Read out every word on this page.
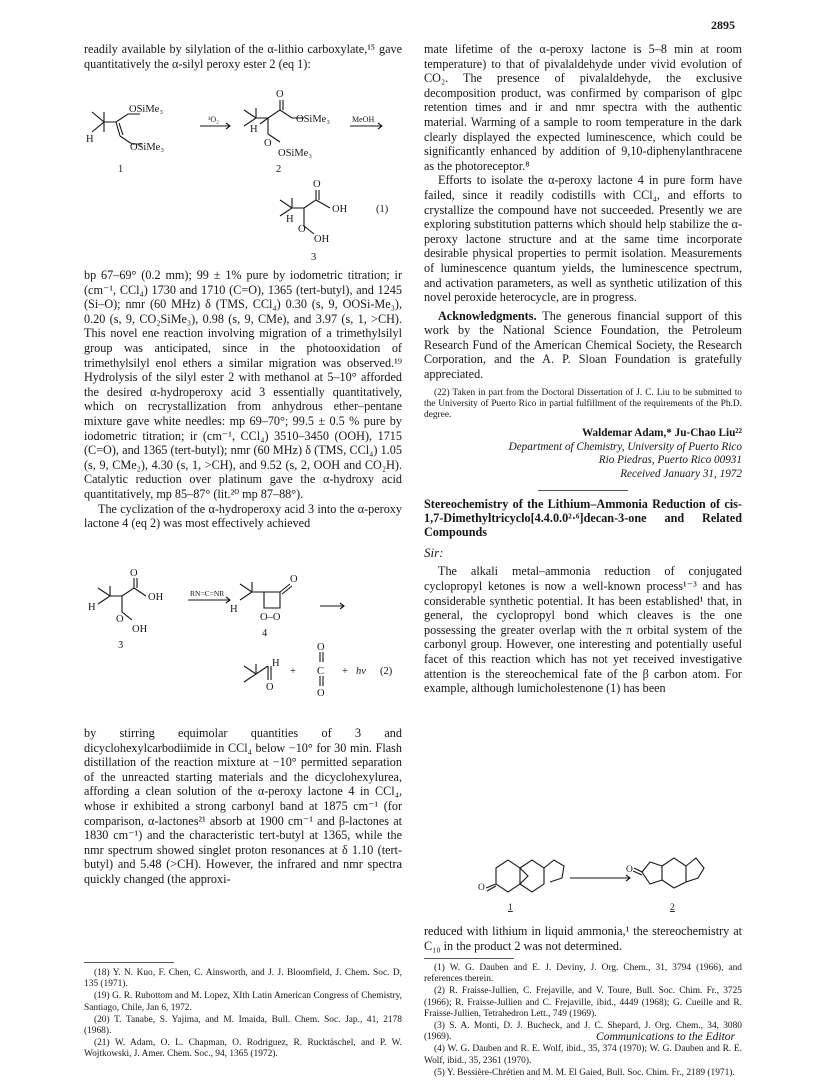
2895

readily available by silylation of the α-lithio carboxylate,¹⁵ gave quantitatively the α-silyl peroxy ester 2 (eq 1):

OSiMe₃
H
OSiMe₃
1
¹O₂
O
OSiMe₃
H
O
OSiMe₃
2
MeOH
O
OH
H
O
OH
3
(1)

bp 67–69° (0.2 mm); 99 ± 1% pure by iodometric titration; ir (cm⁻¹, CCl₄) 1730 and 1710 (C=O), 1365 (tert-butyl), and 1245 (Si–O); nmr (60 MHz) δ (TMS, CCl₄) 0.30 (s, 9, OOSi-Me₃), 0.20 (s, 9, CO₂SiMe₃), 0.98 (s, 9, CMe), and 3.97 (s, 1, >CH). This novel ene reaction involving migration of a trimethylsilyl group was anticipated, since in the photooxidation of trimethylsilyl enol ethers a similar migration was observed.¹⁹ Hydrolysis of the silyl ester 2 with methanol at 5–10° afforded the desired α-hydroperoxy acid 3 essentially quantitatively, which on recrystallization from anhydrous ether–pentane mixture gave white needles: mp 69–70°; 99.5 ± 0.5 % pure by iodometric titration; ir (cm⁻¹, CCl₄) 3510–3450 (OOH), 1715 (C=O), and 1365 (tert-butyl); nmr (60 MHz) δ (TMS, CCl₄) 1.05 (s, 9, CMe₂), 4.30 (s, 1, >CH), and 9.52 (s, 2, OOH and CO₂H). Catalytic reduction over platinum gave the α-hydroxy acid quantitatively, mp 85–87° (lit.²⁰ mp 87–88°).

The cyclization of the α-hydroperoxy acid 3 into the α-peroxy lactone 4 (eq 2) was most effectively achieved

O
OH
H
O
OH
3
RN=C=NR
O
H
O–O
4
H
O
+
O
C
O
+ hν (2)

by stirring equimolar quantities of 3 and dicyclohexylcarbodiimide in CCl₄ below −10° for 30 min. Flash distillation of the reaction mixture at −10° permitted separation of the unreacted starting materials and the dicyclohexylurea, affording a clean solution of the α-peroxy lactone 4 in CCl₄, whose ir exhibited a strong carbonyl band at 1875 cm⁻¹ (for comparison, α-lactones²¹ absorb at 1900 cm⁻¹ and β-lactones at 1830 cm⁻¹) and the characteristic tert-butyl at 1365, while the nmr spectrum showed singlet proton resonances at δ 1.10 (tert-butyl) and 5.48 (>CH). However, the infrared and nmr spectra quickly changed (the approxi-

(18) Y. N. Kuo, F. Chen, C. Ainsworth, and J. J. Bloomfield, J. Chem. Soc. D, 135 (1971).

(19) G. R. Rubottom and M. Lopez, XIth Latin American Congress of Chemistry, Santiago, Chile, Jan 6, 1972.

(20) T. Tanabe, S. Yajima, and M. Imaida, Bull. Chem. Soc. Jap., 41, 2178 (1968).

(21) W. Adam, O. L. Chapman, O. Rodriguez, R. Rucktäschel, and P. W. Wojtkowski, J. Amer. Chem. Soc., 94, 1365 (1972).

mate lifetime of the α-peroxy lactone is 5–8 min at room temperature) to that of pivalaldehyde under vivid evolution of CO₂. The presence of pivalaldehyde, the exclusive decomposition product, was confirmed by comparison of glpc retention times and ir and nmr spectra with the authentic material. Warming of a sample to room temperature in the dark clearly displayed the expected luminescence, which could be significantly enhanced by addition of 9,10-diphenylanthracene as the photoreceptor.⁸

Efforts to isolate the α-peroxy lactone 4 in pure form have failed, since it readily codistills with CCl₄, and efforts to crystallize the compound have not succeeded. Presently we are exploring substitution patterns which should help stabilize the α-peroxy lactone structure and at the same time incorporate desirable physical properties to permit isolation. Measurements of luminescence quantum yields, the luminescence spectrum, and activation parameters, as well as synthetic utilization of this novel peroxide heterocycle, are in progress.

Acknowledgments. The generous financial support of this work by the National Science Foundation, the Petroleum Research Fund of the American Chemical Society, the Research Corporation, and the A. P. Sloan Foundation is gratefully appreciated.

(22) Taken in part from the Doctoral Dissertation of J. C. Liu to be submitted to the University of Puerto Rico in partial fulfillment of the requirements of the Ph.D. degree.

Waldemar Adam,* Ju-Chao Liu²²
Department of Chemistry, University of Puerto Rico
Rio Piedras, Puerto Rico 00931
Received January 31, 1972
Stereochemistry of the Lithium–Ammonia Reduction of cis-1,7-Dimethyltricyclo[4.4.0.0²·⁶]decan-3-one and Related Compounds
Sir:

The alkali metal–ammonia reduction of conjugated cyclopropyl ketones is now a well-known process¹⁻³ and has considerable synthetic potential. It has been established¹ that, in general, the cyclopropyl bond which cleaves is the one possessing the greater overlap with the π orbital system of the carbonyl group. However, one interesting and potentially useful facet of this reaction which has not yet received investigative attention is the stereochemical fate of the β carbon atom. For example, although lumicholestenone (1) has been

O
O
1	2

reduced with lithium in liquid ammonia,¹ the stereochemistry at C₁₀ in the product 2 was not determined.

(1) W. G. Dauben and E. J. Deviny, J. Org. Chem., 31, 3794 (1966), and references therein.

(2) R. Fraisse-Jullien, C. Frejaville, and V. Toure, Bull. Soc. Chim. Fr., 3725 (1966); R. Fraisse-Jullien and C. Frejaville, ibid., 4449 (1968); G. Cueille and R. Fraisse-Jullien, Tetrahedron Lett., 749 (1969).

(3) S. A. Monti, D. J. Bucheck, and J. C. Shepard, J. Org. Chem., 34, 3080 (1969).

(4) W. G. Dauben and R. E. Wolf, ibid., 35, 374 (1970); W. G. Dauben and R. E. Wolf, ibid., 35, 2361 (1970).

(5) Y. Bessière-Chrétien and M. M. El Gaied, Bull. Soc. Chim. Fr., 2189 (1971).

Communications to the Editor
